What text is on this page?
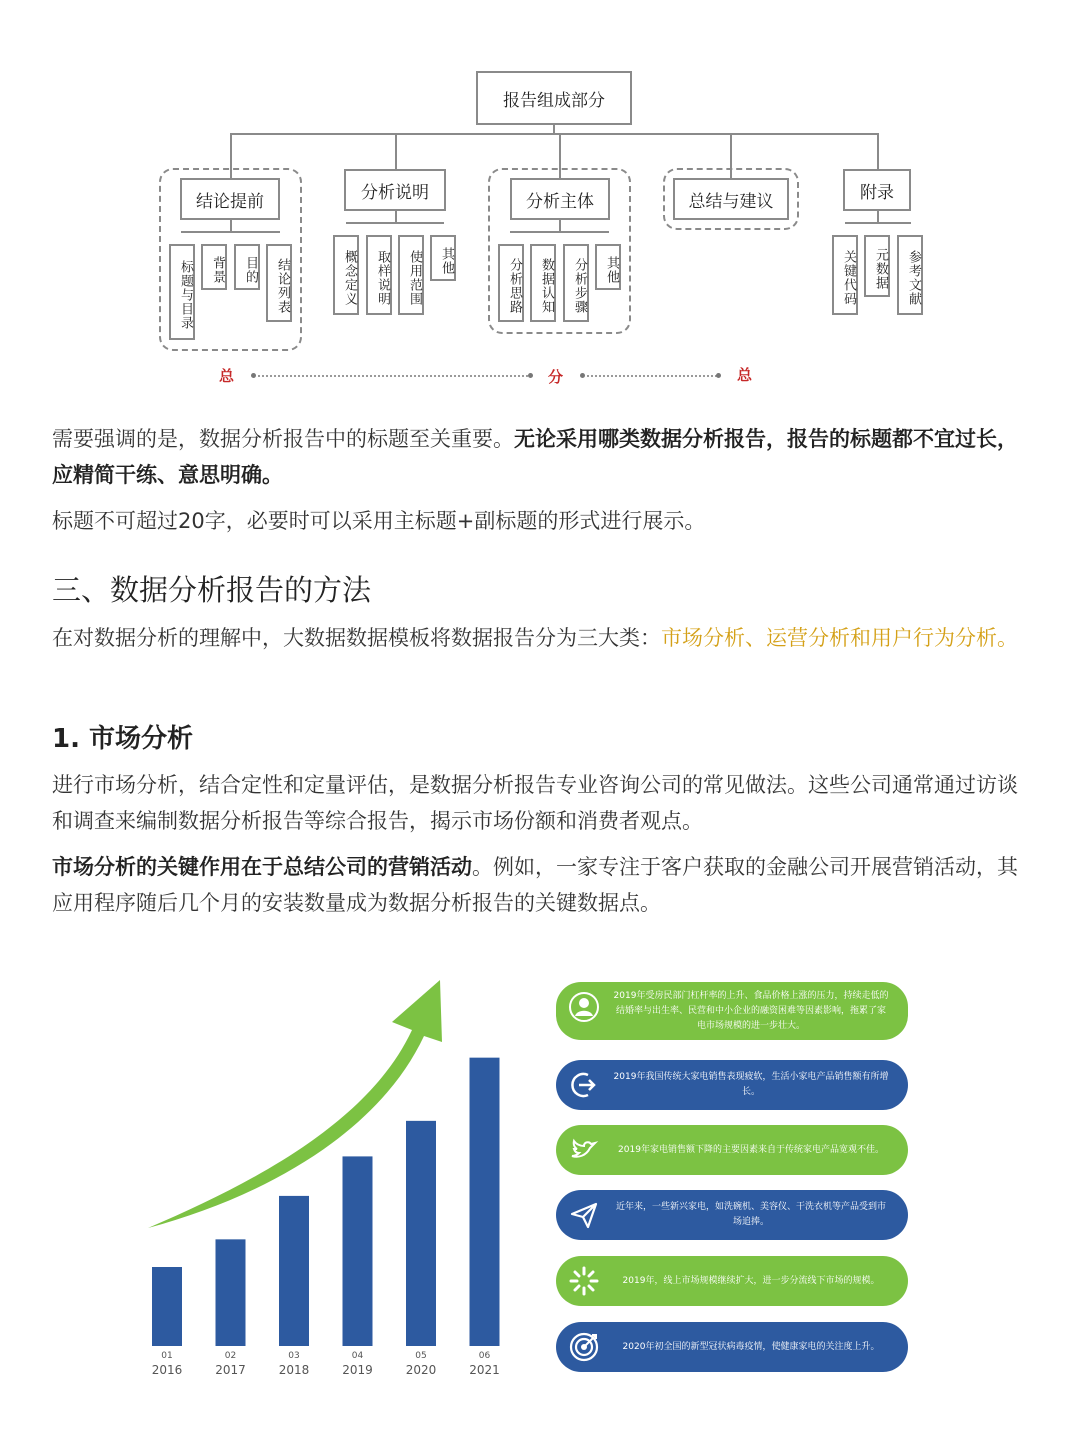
报告组成部分
结论提前
标题与目录	背景	目的	结论列表
分析说明
概念定义	取样说明	使用范围	其他
分析主体
分析思路	数据认知	分析步骤	其他
总结与建议	附录
关键代码	元数据	参考文献
总	分	总

需要强调的是，数据分析报告中的标题至关重要。无论采用哪类数据分析报告，报告的标题都不宜过长，应精简干练、意思明确。

标题不可超过20字，必要时可以采用主标题+副标题的形式进行展示。

三、数据分析报告的方法

在对数据分析的理解中，大数据数据模板将数据报告分为三大类：市场分析、运营分析和用户行为分析。

1. 市场分析

进行市场分析，结合定性和定量评估，是数据分析报告专业咨询公司的常见做法。这些公司通常通过访谈和调查来编制数据分析报告等综合报告，揭示市场份额和消费者观点。

市场分析的关键作用在于总结公司的营销活动。例如，一家专注于客户获取的金融公司开展营销活动，其应用程序随后几个月的安装数量成为数据分析报告的关键数据点。

01
2016
02
2017
03
2018
04
2019
05
2020
06
2021
2019年受房民部门杠杆率的上升、食品价格上涨的压力，持续走低的结婚率与出生率、民营和中小企业的融资困难等因素影响，拖累了家电市场规模的进一步壮大。
2019年我国传统大家电销售表现疲软，生活小家电产品销售额有所增长。
2019年家电销售额下降的主要因素来自于传统家电产品宽观不佳。
近年来，一些新兴家电，如洗碗机、美容仪、干洗衣机等产品受到市场追捧。
2019年，线上市场规模继续扩大，进一步分流线下市场的规模。
2020年初全国的新型冠状病毒疫情，使健康家电的关注度上升。
